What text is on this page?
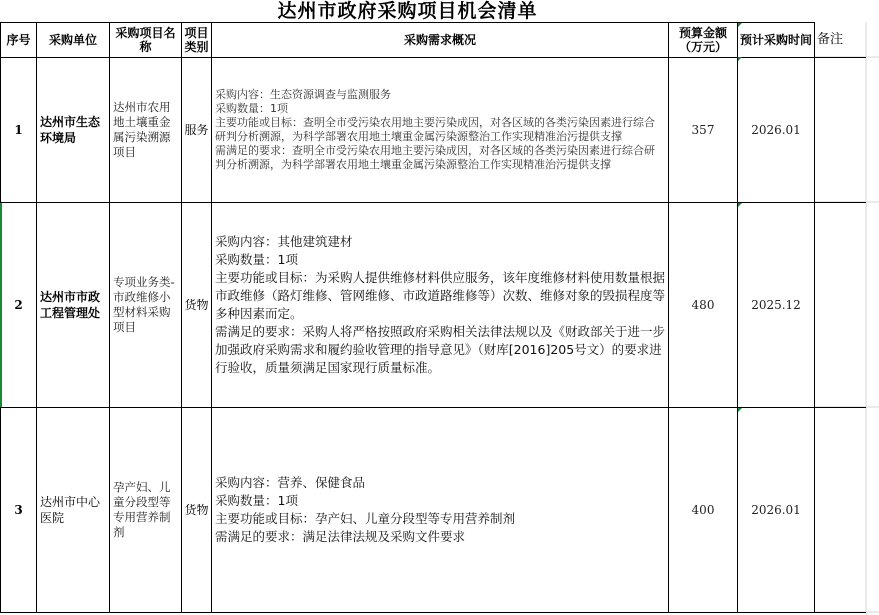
达州市政府采购项目机会清单
序号	采购单位	采购项目名称	项目类别	采购需求概况	预算金额（万元）	预计采购时间	备注
1	达州市生态环境局	达州市农用地土壤重金属污染溯源项目	服务	采购内容：生态资源调查与监测服务
采购数量：1项
主要功能或目标：查明全市受污染农用地主要污染成因，对各区域的各类污染因素进行综合研判分析溯源，为科学部署农用地土壤重金属污染源整治工作实现精准治污提供支撑
需满足的要求：查明全市受污染农用地主要污染成因，对各区域的各类污染因素进行综合研判分析溯源，为科学部署农用地土壤重金属污染源整治工作实现精准治污提供支撑	357	2026.01	
2	达州市市政工程管理处	专项业务类-市政维修小型材料采购项目	货物	采购内容：其他建筑建材
采购数量：1项
主要功能或目标：为采购人提供维修材料供应服务，该年度维修材料使用数量根据市政维修（路灯维修、管网维修、市政道路维修等）次数、维修对象的毁损程度等多种因素而定。
需满足的要求：采购人将严格按照政府采购相关法律法规以及《财政部关于进一步加强政府采购需求和履约验收管理的指导意见》（财库[2016]205号文）的要求进行验收，质量须满足国家现行质量标准。	480	2025.12	
3	达州市中心医院	孕产妇、儿童分段型等专用营养制剂	货物	采购内容：营养、保健食品
采购数量：1项
主要功能或目标：孕产妇、儿童分段型等专用营养制剂
需满足的要求：满足法律法规及采购文件要求	400	2026.01	
